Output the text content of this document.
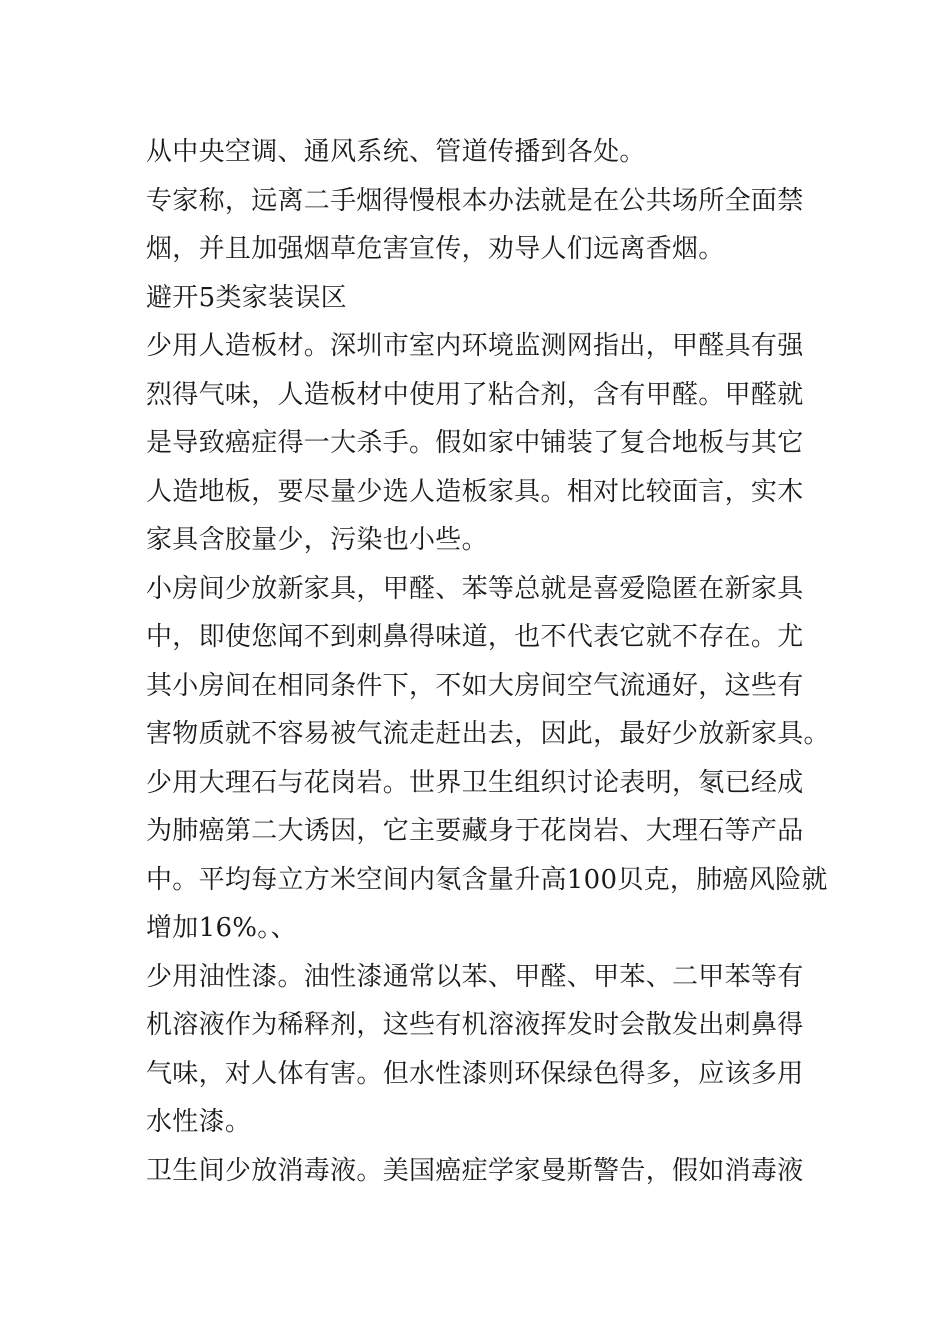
从中央空调、通风系统、管道传播到各处。
专家称，远离二手烟得慢根本办法就是在公共场所全面禁
烟，并且加强烟草危害宣传，劝导人们远离香烟。
避开5类家装误区
少用人造板材。深圳市室内环境监测网指出，甲醛具有强
烈得气味，人造板材中使用了粘合剂，含有甲醛。甲醛就
是导致癌症得一大杀手。假如家中铺装了复合地板与其它
人造地板，要尽量少选人造板家具。相对比较面言，实木
家具含胶量少，污染也小些。
小房间少放新家具，甲醛、苯等总就是喜爱隐匿在新家具
中，即使您闻不到刺鼻得味道，也不代表它就不存在。尤
其小房间在相同条件下，不如大房间空气流通好，这些有
害物质就不容易被气流走赶出去，因此，最好少放新家具。
少用大理石与花岗岩。世界卫生组织讨论表明，氡已经成
为肺癌第二大诱因，它主要藏身于花岗岩、大理石等产品
中。平均每立方米空间内氡含量升高100贝克，肺癌风险就
增加16%。、
少用油性漆。油性漆通常以苯、甲醛、甲苯、二甲苯等有
机溶液作为稀释剂，这些有机溶液挥发时会散发出刺鼻得
气味，对人体有害。但水性漆则环保绿色得多，应该多用
水性漆。
卫生间少放消毒液。美国癌症学家曼斯警告，假如消毒液
